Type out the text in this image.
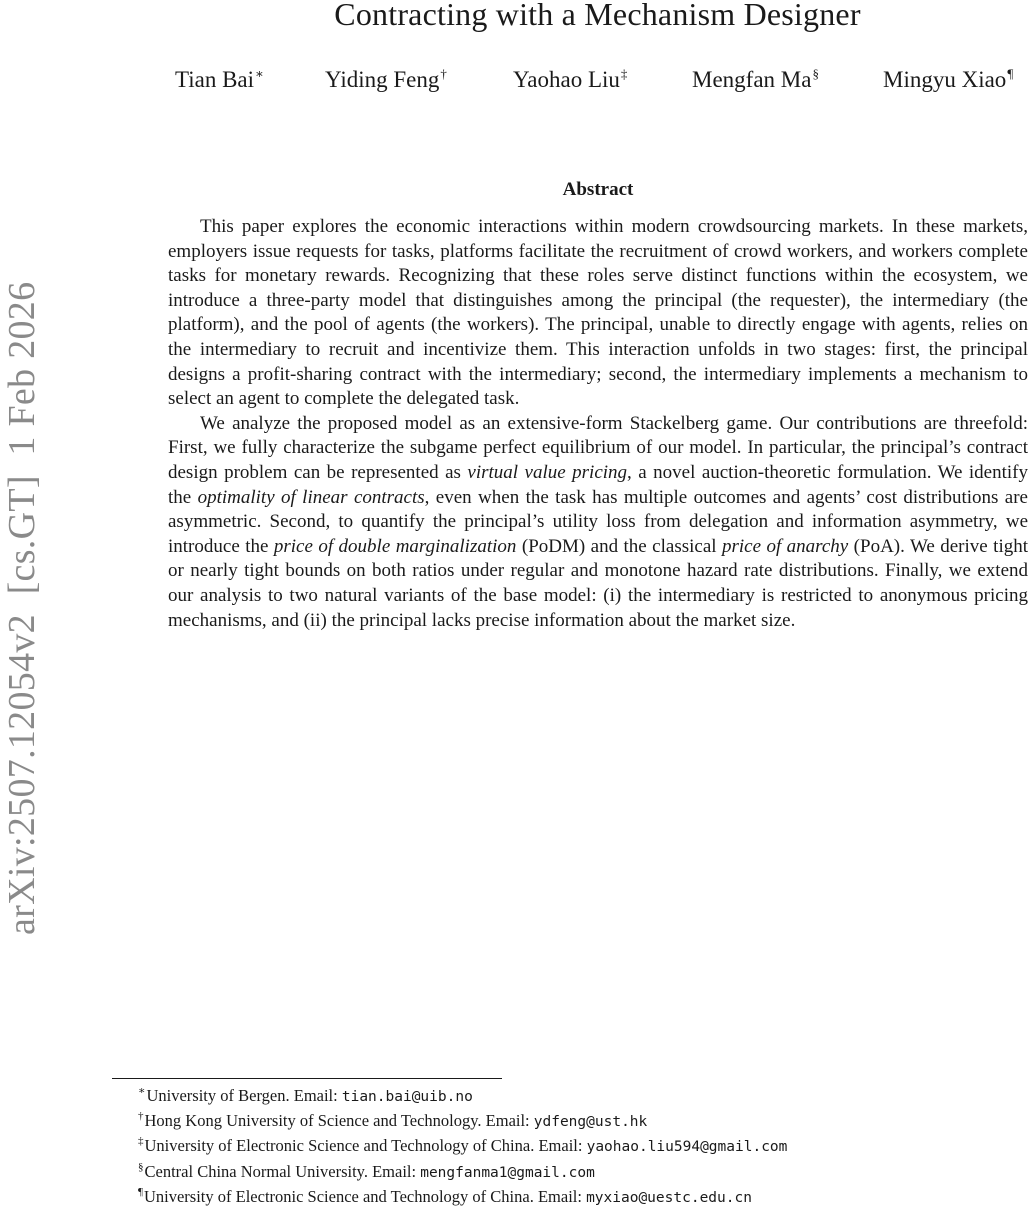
arXiv:2507.12054v2  [cs.GT]  1 Feb 2026
Contracting with a Mechanism Designer
Tian Bai∗	Yiding Feng†	Yaohao Liu‡	Mengfan Ma§	Mingyu Xiao¶
Abstract

This paper explores the economic interactions within modern crowdsourcing markets. In these markets, employers issue requests for tasks, platforms facilitate the recruitment of crowd workers, and workers complete tasks for monetary rewards. Recognizing that these roles serve distinct functions within the ecosystem, we introduce a three-party model that distinguishes among the principal (the requester), the intermediary (the platform), and the pool of agents (the workers). The principal, unable to directly engage with agents, relies on the intermediary to recruit and incentivize them. This interaction unfolds in two stages: first, the principal designs a profit-sharing contract with the intermediary; second, the intermediary implements a mechanism to select an agent to complete the delegated task.

We analyze the proposed model as an extensive-form Stackelberg game. Our contributions are threefold: First, we fully characterize the subgame perfect equilibrium of our model. In particular, the principal’s contract design problem can be represented as virtual value pricing, a novel auction-theoretic formulation. We identify the optimality of linear contracts, even when the task has multiple outcomes and agents’ cost distributions are asymmetric. Second, to quantify the principal’s utility loss from delegation and information asymmetry, we introduce the price of double marginalization (PoDM) and the classical price of anarchy (PoA). We derive tight or nearly tight bounds on both ratios under regular and monotone hazard rate distributions. Finally, we extend our analysis to two natural variants of the base model: (i) the intermediary is restricted to anonymous pricing mechanisms, and (ii) the principal lacks precise information about the market size.

∗University of Bergen. Email: tian.bai@uib.no
†Hong Kong University of Science and Technology. Email: ydfeng@ust.hk
‡University of Electronic Science and Technology of China. Email: yaohao.liu594@gmail.com
§Central China Normal University. Email: mengfanma1@gmail.com
¶University of Electronic Science and Technology of China. Email: myxiao@uestc.edu.cn
